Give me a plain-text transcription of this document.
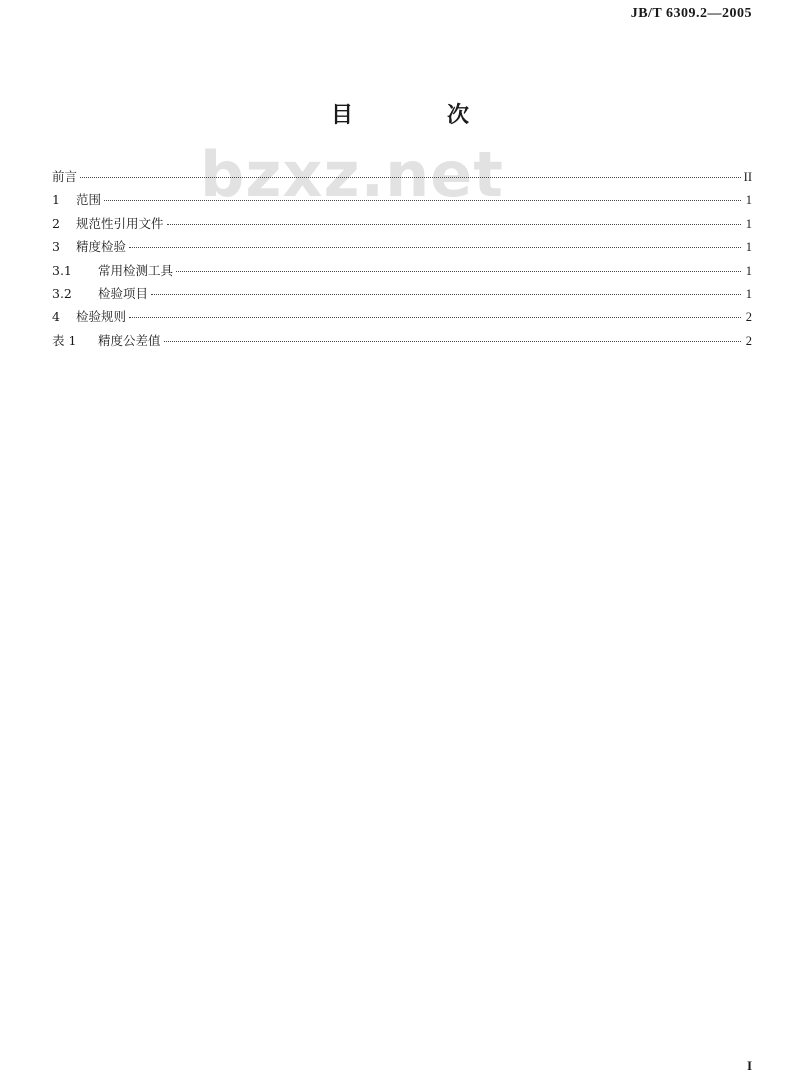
JB/T 6309.2—2005
bzxz.net
目　次
前言	II
1	范围	1
2	规范性引用文件	1
3	精度检验	1
3.1	常用检测工具	1
3.2	检验项目	1
4	检验规则	2
表 1	精度公差值	2
I
